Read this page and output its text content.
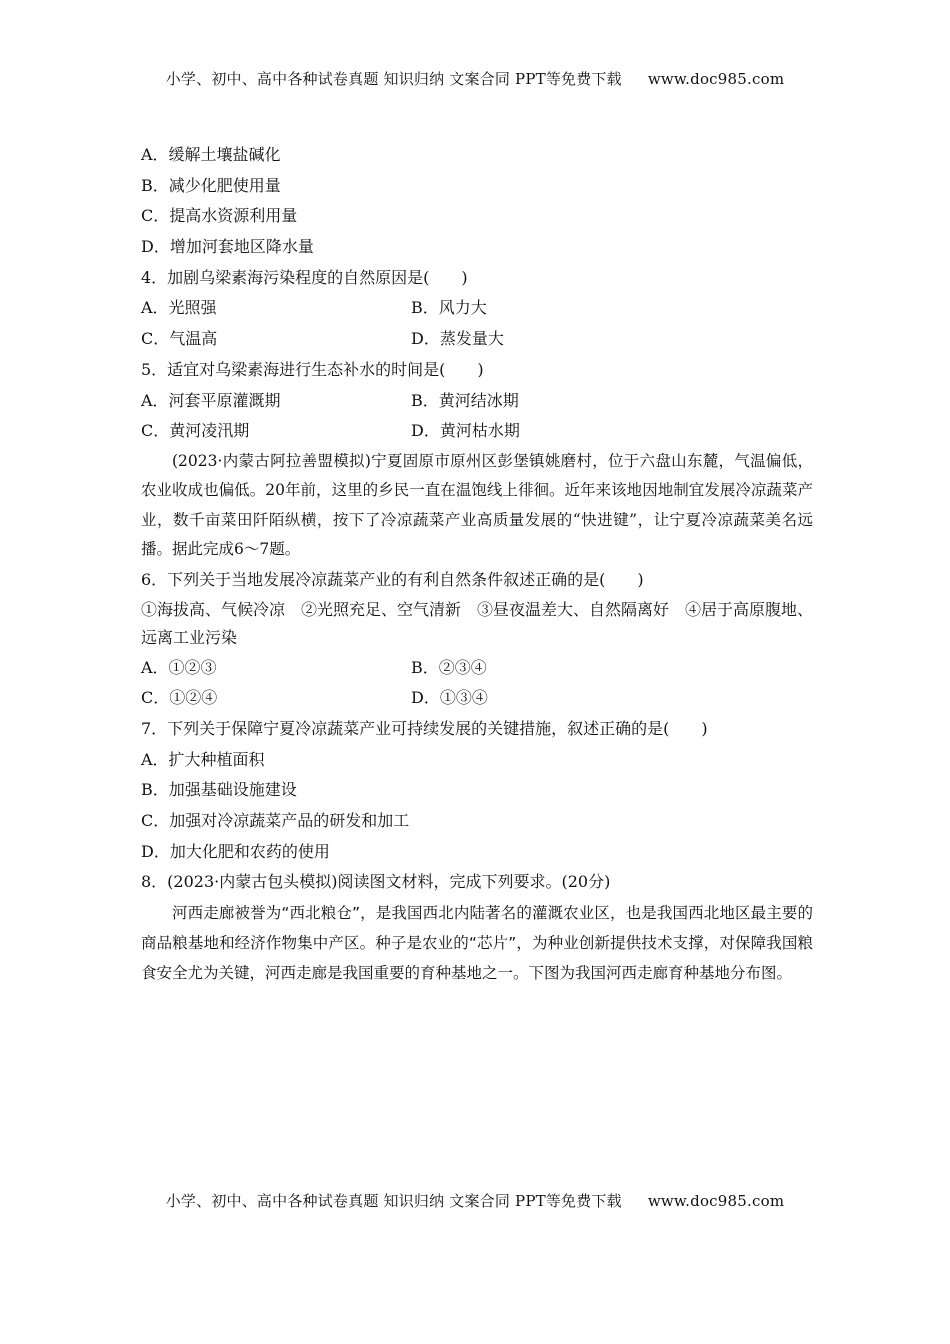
小学、初中、高中各种试卷真题 知识归纳 文案合同 PPT等免费下载 www.doc985.com
A．缓解土壤盐碱化
B．减少化肥使用量
C．提高水资源利用量
D．增加河套地区降水量
4．加剧乌梁素海污染程度的自然原因是(　　)
A．光照强	B．风力大
C．气温高	D．蒸发量大
5．适宜对乌梁素海进行生态补水的时间是(　　)
A．河套平原灌溉期	B．黄河结冰期
C．黄河凌汛期	D．黄河枯水期

(2023·内蒙古阿拉善盟模拟)宁夏固原市原州区彭堡镇姚磨村，位于六盘山东麓，气温偏低，农业收成也偏低。20年前，这里的乡民一直在温饱线上徘徊。近年来该地因地制宜发展冷凉蔬菜产业，数千亩菜田阡陌纵横，按下了冷凉蔬菜产业高质量发展的“快进键”，让宁夏冷凉蔬菜美名远播。据此完成6～7题。

6．下列关于当地发展冷凉蔬菜产业的有利自然条件叙述正确的是(　　)

①海拔高、气候冷凉　②光照充足、空气清新　③昼夜温差大、自然隔离好　④居于高原腹地、远离工业污染

A．①②③	B．②③④
C．①②④	D．①③④
7．下列关于保障宁夏冷凉蔬菜产业可持续发展的关键措施，叙述正确的是(　　)
A．扩大种植面积
B．加强基础设施建设
C．加强对冷凉蔬菜产品的研发和加工
D．加大化肥和农药的使用
8．(2023·内蒙古包头模拟)阅读图文材料，完成下列要求。(20分)

河西走廊被誉为“西北粮仓”，是我国西北内陆著名的灌溉农业区，也是我国西北地区最主要的商品粮基地和经济作物集中产区。种子是农业的“芯片”，为种业创新提供技术支撑，对保障我国粮食安全尤为关键，河西走廊是我国重要的育种基地之一。下图为我国河西走廊育种基地分布图。

小学、初中、高中各种试卷真题 知识归纳 文案合同 PPT等免费下载 www.doc985.com
